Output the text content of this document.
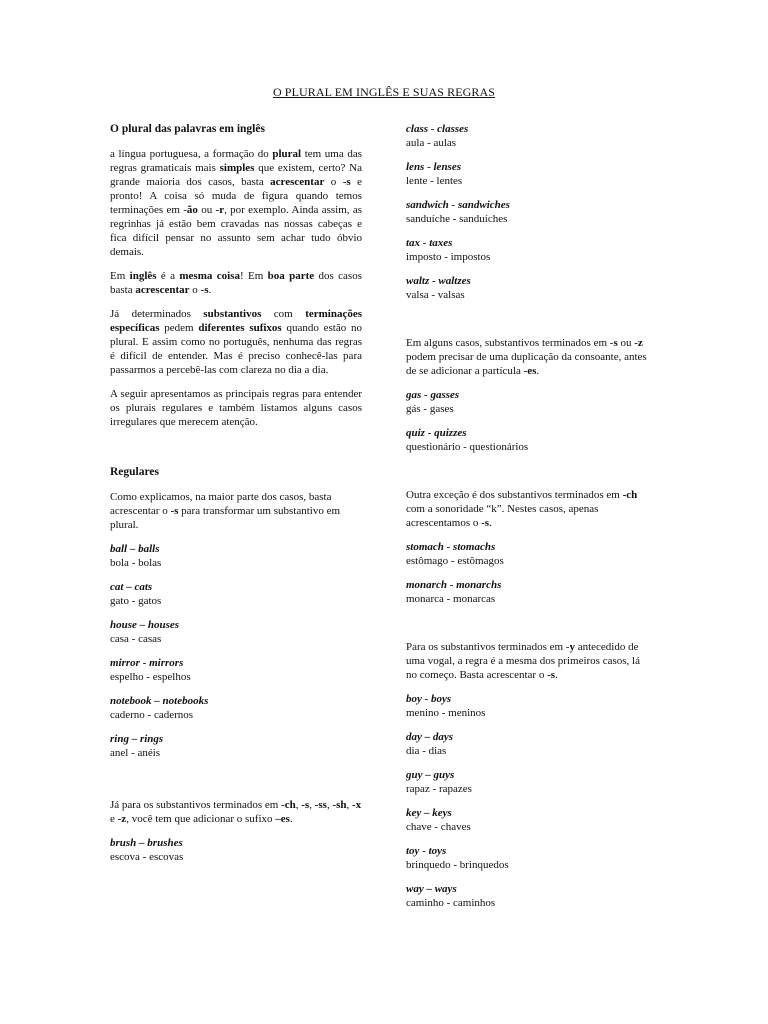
O PLURAL EM INGLÊS E SUAS REGRAS
O plural das palavras em inglês

a língua portuguesa, a formação do plural tem uma das regras gramaticais mais simples que existem, certo? Na grande maioria dos casos, basta acrescentar o -s e pronto! A coisa só muda de figura quando temos terminações em -ão ou -r, por exemplo. Ainda assim, as regrinhas já estão bem cravadas nas nossas cabeças e fica difícil pensar no assunto sem achar tudo óbvio demais.

Em inglês é a mesma coisa! Em boa parte dos casos basta acrescentar o -s.

Já determinados substantivos com terminações específicas pedem diferentes sufixos quando estão no plural. E assim como no português, nenhuma das regras é difícil de entender. Mas é preciso conhecê-las para passarmos a percebê-las com clareza no dia a dia.

A seguir apresentamos as principais regras para entender os plurais regulares e também listamos alguns casos irregulares que merecem atenção.

Regulares

Como explicamos, na maior parte dos casos, basta acrescentar o -s para transformar um substantivo em plural.

ball – balls
bola - bolas
cat – cats
gato - gatos
house – houses
casa - casas
mirror - mirrors
espelho - espelhos
notebook – notebooks
caderno - cadernos
ring – rings
anel - anéis

Já para os substantivos terminados em -ch, -s, -ss, -sh, -x e -z, você tem que adicionar o sufixo –es.

brush – brushes
escova - escovas
class - classes
aula - aulas
lens - lenses
lente - lentes
sandwich - sandwiches
sanduíche - sanduíches
tax - taxes
imposto - impostos
waltz - waltzes
valsa - valsas

Em alguns casos, substantivos terminados em -s ou -z podem precisar de uma duplicação da consoante, antes de se adicionar a partícula -es.

gas - gasses
gás - gases
quiz - quizzes
questionário - questionários

Outra exceção é dos substantivos terminados em -ch com a sonoridade “k”. Nestes casos, apenas acrescentamos o -s.

stomach - stomachs
estômago - estômagos
monarch - monarchs
monarca - monarcas

Para os substantivos terminados em -y antecedido de uma vogal, a regra é a mesma dos primeiros casos, lá no começo. Basta acrescentar o -s.

boy - boys
menino - meninos
day – days
dia - dias
guy – guys
rapaz - rapazes
key – keys
chave - chaves
toy - toys
brinquedo - brinquedos
way – ways
caminho - caminhos
